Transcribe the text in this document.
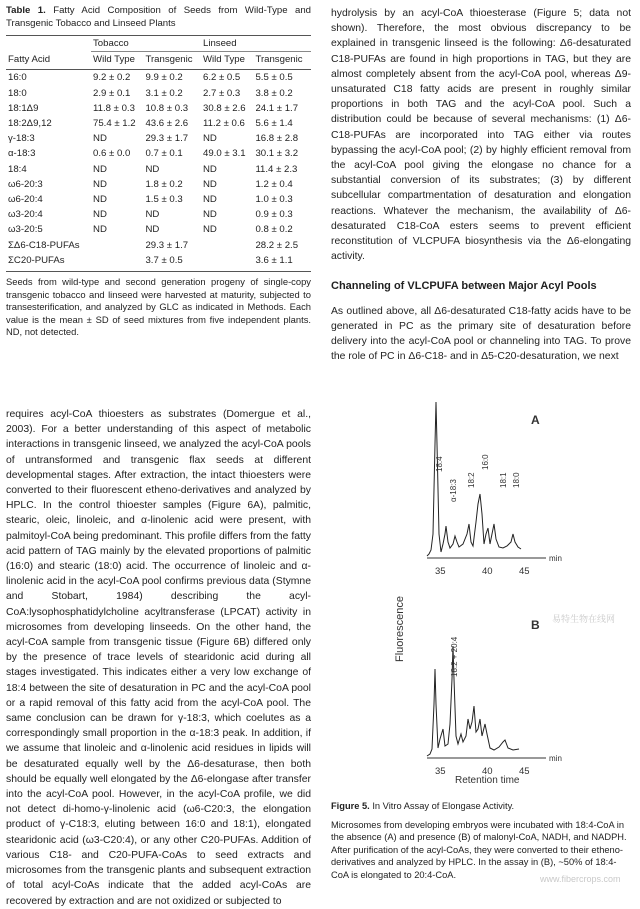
Table 1. Fatty Acid Composition of Seeds from Wild-Type and Transgenic Tobacco and Linseed Plants
	Tobacco		Linseed	
Fatty Acid	Wild Type	Transgenic	Wild Type	Transgenic
16:0	9.2 ± 0.2	9.9 ± 0.2	6.2 ± 0.5	5.5 ± 0.5
18:0	2.9 ± 0.1	3.1 ± 0.2	2.7 ± 0.3	3.8 ± 0.2
18:1Δ9	11.8 ± 0.3	10.8 ± 0.3	30.8 ± 2.6	24.1 ± 1.7
18:2Δ9,12	75.4 ± 1.2	43.6 ± 2.6	11.2 ± 0.6	5.6 ± 1.4
γ-18:3	ND	29.3 ± 1.7	ND	16.8 ± 2.8
α-18:3	0.6 ± 0.0	0.7 ± 0.1	49.0 ± 3.1	30.1 ± 3.2
18:4	ND	ND	ND	11.4 ± 2.3
ω6-20:3	ND	1.8 ± 0.2	ND	1.2 ± 0.4
ω6-20:4	ND	1.5 ± 0.3	ND	1.0 ± 0.3
ω3-20:4	ND	ND	ND	0.9 ± 0.3
ω3-20:5	ND	ND	ND	0.8 ± 0.2
ΣΔ6-C18-PUFAs		29.3 ± 1.7		28.2 ± 2.5
ΣC20-PUFAs		3.7 ± 0.5		3.6 ± 1.1
Seeds from wild-type and second generation progeny of single-copy transgenic tobacco and linseed were harvested at maturity, subjected to transesterification, and analyzed by GLC as indicated in Methods. Each value is the mean ± SD of seed mixtures from five independent plants. ND, not detected.

hydrolysis by an acyl-CoA thioesterase (Figure 5; data not shown). Therefore, the most obvious discrepancy to be explained in transgenic linseed is the following: Δ6-desaturated C18-PUFAs are found in high proportions in TAG, but they are almost completely absent from the acyl-CoA pool, whereas Δ9-unsaturated C18 fatty acids are present in roughly similar proportions in both TAG and the acyl-CoA pool. Such a distribution could be because of several mechanisms: (1) Δ6-C18-PUFAs are incorporated into TAG either via routes bypassing the acyl-CoA pool; (2) by highly efficient removal from the acyl-CoA pool giving the elongase no chance for a substantial conversion of its substrates; (3) by different subcellular compartmentation of desaturation and elongation reactions. Whatever the mechanism, the availability of Δ6-desaturated C18-CoA esters seems to prevent efficient reconstitution of VLCPUFA biosynthesis via the Δ6-elongating activity.

Channeling of VLCPUFA between Major Acyl Pools

As outlined above, all Δ6-desaturated C18-fatty acids have to be generated in PC as the primary site of desaturation before delivery into the acyl-CoA pool or channeling into TAG. To prove the role of PC in Δ6-C18- and in Δ5-C20-desaturation, we next

requires acyl-CoA thioesters as substrates (Domergue et al., 2003). For a better understanding of this aspect of metabolic interactions in transgenic linseed, we analyzed the acyl-CoA pools of untransformed and transgenic flax seeds at different developmental stages. After extraction, the intact thioesters were converted to their fluorescent etheno-derivatives and analyzed by HPLC. In the control thioester samples (Figure 6A), palmitic, stearic, oleic, linoleic, and α-linolenic acid were present, with palmitoyl-CoA being predominant. This profile differs from the fatty acid pattern of TAG mainly by the elevated proportions of palmitic (16:0) and stearic (18:0) acid. The occurrence of linoleic and α-linolenic acid in the acyl-CoA pool confirms previous data (Stymne and Stobart, 1984) describing the acyl-CoA:lysophosphatidylcholine acyltransferase (LPCAT) activity in microsomes from developing linseeds. On the other hand, the acyl-CoA sample from transgenic tissue (Figure 6B) differed only by the presence of trace levels of stearidonic acid during all stages investigated. This indicates either a very low exchange of 18:4 between the site of desaturation in PC and the acyl-CoA pool or a rapid removal of this fatty acid from the acyl-CoA pool. The same conclusion can be drawn for γ-18:3, which coelutes as a correspondingly small proportion in the α-18:3 peak. In addition, if we assume that linoleic and α-linolenic acid residues in lipids will be desaturated equally well by the Δ6-desaturase, then both should be equally well elongated by the Δ6-elongase after transfer into the acyl-CoA pool. However, in the acyl-CoA profile, we did not detect di-homo-γ-linolenic acid (ω6-C20:3, the elongation product of γ-C18:3, eluting between 16:0 and 18:1), elongated stearidonic acid (ω3-C20:4), or any other C20-PUFAs. Addition of various C18- and C20-PUFA-CoAs to seed extracts and microsomes from the transgenic plants and subsequent extraction of total acyl-CoAs indicate that the added acyl-CoAs are recovered by extraction and are not oxidized or subjected to

Fluorescence
35	40	45
min
A
18:4
α-18:3 18:2
16:0
18:1 18:0
35	40	45
min
B
18:2 + 20:4
Retention time
Figure 5. In Vitro Assay of Elongase Activity.
Microsomes from developing embryos were incubated with 18:4-CoA in the absence (A) and presence (B) of malonyl-CoA, NADH, and NADPH. After purification of the acyl-CoAs, they were converted to their etheno-derivatives and analyzed by HPLC. In the assay in (B), ~50% of 18:4-CoA is elongated to 20:4-CoA.
易特生物在线网
www.fibercrops.com
